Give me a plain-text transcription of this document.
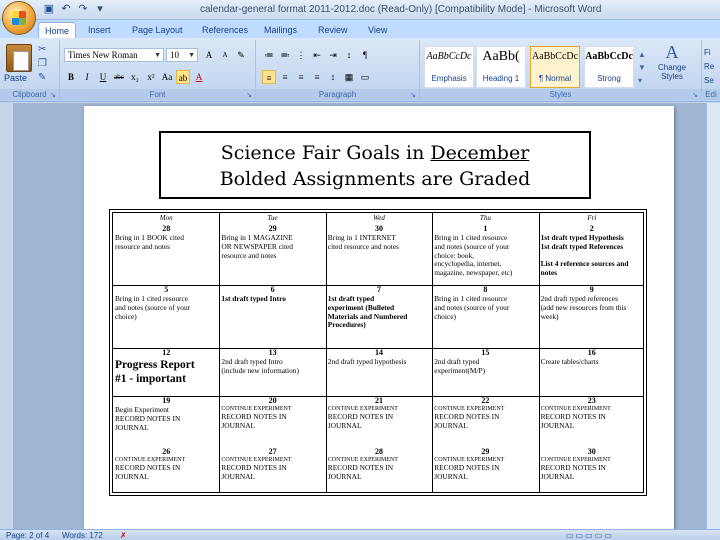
▣ ↶ ↷ ▾	calendar-general format 2011-2012.doc (Read-Only) [Compatibility Mode] - Microsoft Word
Home	Insert	Page Layout	References	Mailings	Review	View
Paste
✂
❐
✎
Clipboard ↘
Times New Roman ▼	10 ▼	A	A	✎
B	I	U	abc x₂ x² Aa ab A
Font	↘
≔ ≕ ⋮ ⇤ ⇥	↕	¶
≡	≡	≡	≡	↕	▦ ▭
Paragraph	↘
AaBbCcDc
Emphasis
AaBb(
Heading 1
AaBbCcDc
¶ Normal
AaBbCcDc
Strong
▲
▼
▾
Styles	↘
A
Change Styles
Fi
Re
Se
Edi
Science Fair Goals in December
Bolded Assignments are Graded
Mon	Tue	Wed	Thu	Fri
28
Bring in 1 BOOK cited
resource and notes
29
Bring in 1 MAGAZINE
OR NEWSPAPER cited
resource and notes
30
Bring in 1 INTERNET
cited resource and notes
1
Bring in 1 cited resource
and notes (source of your
choice: book,
encyclopedia, internet,
magazine, newspaper, etc)
2
1st draft typed Hypothesis
1st draft typed References

List 4 reference sources and
notes
5
Bring in 1 cited resource
and notes (source of your
choice)
6
1st draft typed Intro
7
1st draft typed
experiment (Bulleted
Materials and Numbered
Procedures)
8
Bring in 1 cited resource
and notes (source of your
choice)
9
2nd draft typed references
(add new resources from this
week)
12
Progress Report
#1 - important
13
2nd draft typed Intro
(include new information)
14
2nd draft typed hypothesis
15
2nd draft typed
experiment(M/P)
16
Create tables/charts
19
Begin Experiment
RECORD NOTES IN
JOURNAL
20
CONTINUE EXPERIMENT
RECORD NOTES IN
JOURNAL
21
CONTINUE EXPERIMENT
RECORD NOTES IN
JOURNAL
22
CONTINUE EXPERIMENT
RECORD NOTES IN
JOURNAL
23
CONTINUE EXPERIMENT
RECORD NOTES IN
JOURNAL
26
CONTINUE EXPERIMENT
RECORD NOTES IN
JOURNAL
27
CONTINUE EXPERIMENT
RECORD NOTES IN
JOURNAL
28
CONTINUE EXPERIMENT
RECORD NOTES IN
JOURNAL
29
CONTINUE EXPERIMENT
RECORD NOTES IN
JOURNAL
30
CONTINUE EXPERIMENT
RECORD NOTES IN
JOURNAL
Page: 2 of 4 Words: 172 ✗	▭▭▭▭▭
